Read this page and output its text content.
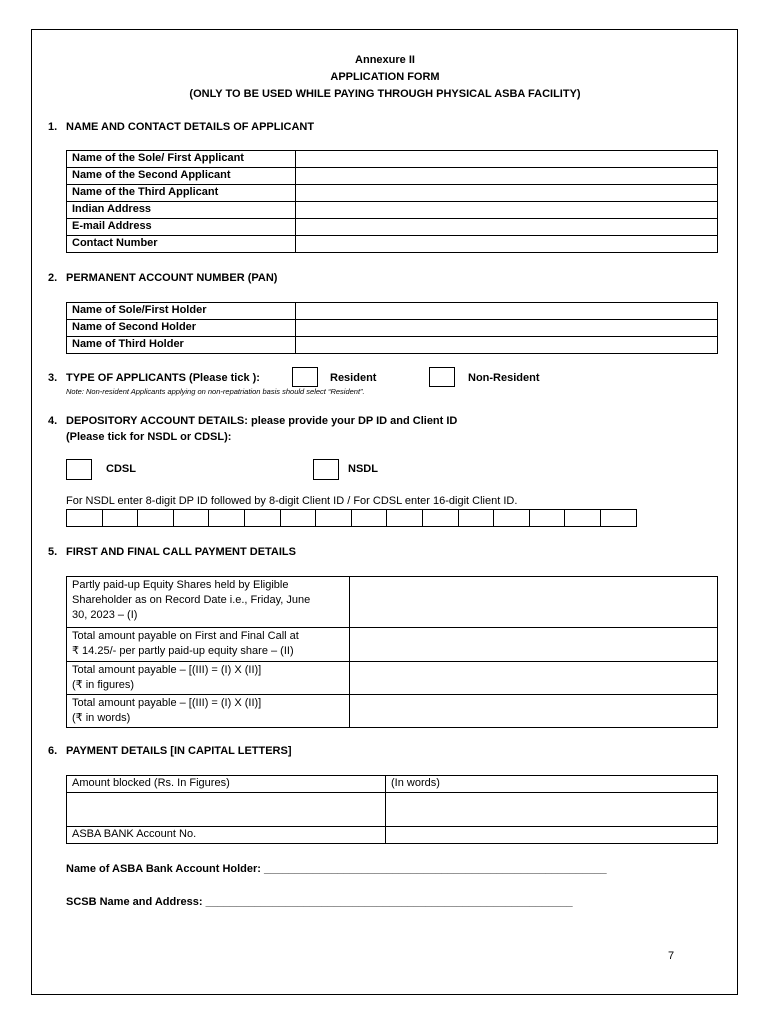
Annexure II
APPLICATION FORM
(ONLY TO BE USED WHILE PAYING THROUGH PHYSICAL ASBA FACILITY)
1. NAME AND CONTACT DETAILS OF APPLICANT
Name of the Sole/ First Applicant	
Name of the Second Applicant	
Name of the Third Applicant	
Indian Address	
E-mail Address	
Contact Number	
2. PERMANENT ACCOUNT NUMBER (PAN)
Name of Sole/First Holder	
Name of Second Holder	
Name of Third Holder	
3. TYPE OF APPLICANTS (Please tick ):	Resident	Non-Resident
Note: Non-resident Applicants applying on non-repatriation basis should select “Resident”.
4. DEPOSITORY ACCOUNT DETAILS: please provide your DP ID and Client ID
(Please tick for NSDL or CDSL):
CDSL	NSDL
For NSDL enter 8-digit DP ID followed by 8-digit Client ID / For CDSL enter 16-digit Client ID.
5. FIRST AND FINAL CALL PAYMENT DETAILS
Partly paid-up Equity Shares held by Eligible
Shareholder as on Record Date i.e., Friday, June
30, 2023 – (I)	

Total amount payable on First and Final Call at
₹ 14.25/- per partly paid-up equity share – (II)	

Total amount payable – [(III) = (I) X (II)]
(₹ in figures)	

Total amount payable – [(III) = (I) X (II)]
(₹ in words)	

6. PAYMENT DETAILS [IN CAPITAL LETTERS]
Amount blocked (Rs. In Figures)	(In words)

ASBA BANK Account No.	
Name of ASBA Bank Account Holder: ________________________________________________________
SCSB Name and Address: ____________________________________________________________
7
